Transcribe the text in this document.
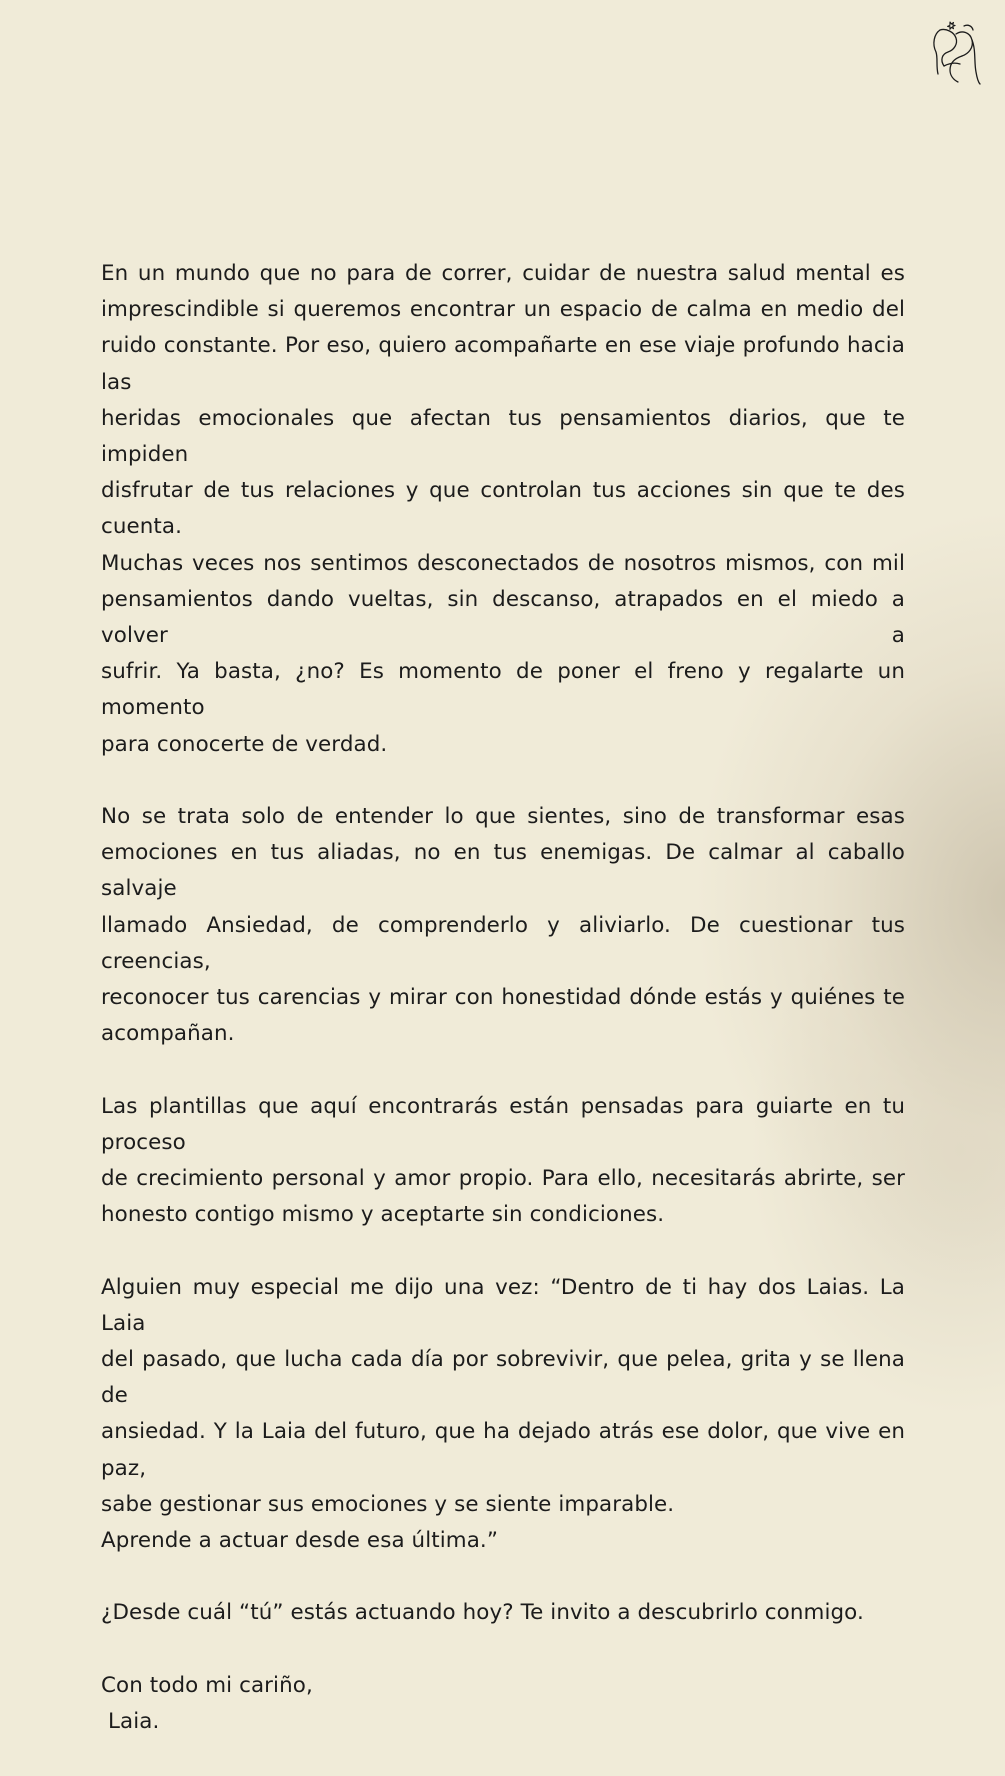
En un mundo que no para de correr, cuidar de nuestra salud mental es
imprescindible si queremos encontrar un espacio de calma en medio del
ruido constante. Por eso, quiero acompañarte en ese viaje profundo hacia las
heridas emocionales que afectan tus pensamientos diarios, que te impiden
disfrutar de tus relaciones y que controlan tus acciones sin que te des cuenta.
Muchas veces nos sentimos desconectados de nosotros mismos, con mil
pensamientos dando vueltas, sin descanso, atrapados en el miedo a volver a
sufrir. Ya basta, ¿no? Es momento de poner el freno y regalarte un momento
para conocerte de verdad.
No se trata solo de entender lo que sientes, sino de transformar esas
emociones en tus aliadas, no en tus enemigas. De calmar al caballo salvaje
llamado Ansiedad, de comprenderlo y aliviarlo. De cuestionar tus creencias,
reconocer tus carencias y mirar con honestidad dónde estás y quiénes te
acompañan.
Las plantillas que aquí encontrarás están pensadas para guiarte en tu proceso
de crecimiento personal y amor propio. Para ello, necesitarás abrirte, ser
honesto contigo mismo y aceptarte sin condiciones.
Alguien muy especial me dijo una vez: “Dentro de ti hay dos Laias. La Laia
del pasado, que lucha cada día por sobrevivir, que pelea, grita y se llena de
ansiedad. Y la Laia del futuro, que ha dejado atrás ese dolor, que vive en paz,
sabe gestionar sus emociones y se siente imparable.
Aprende a actuar desde esa última.”
¿Desde cuál “tú” estás actuando hoy? Te invito a descubrirlo conmigo.
Con todo mi cariño,
Laia.
